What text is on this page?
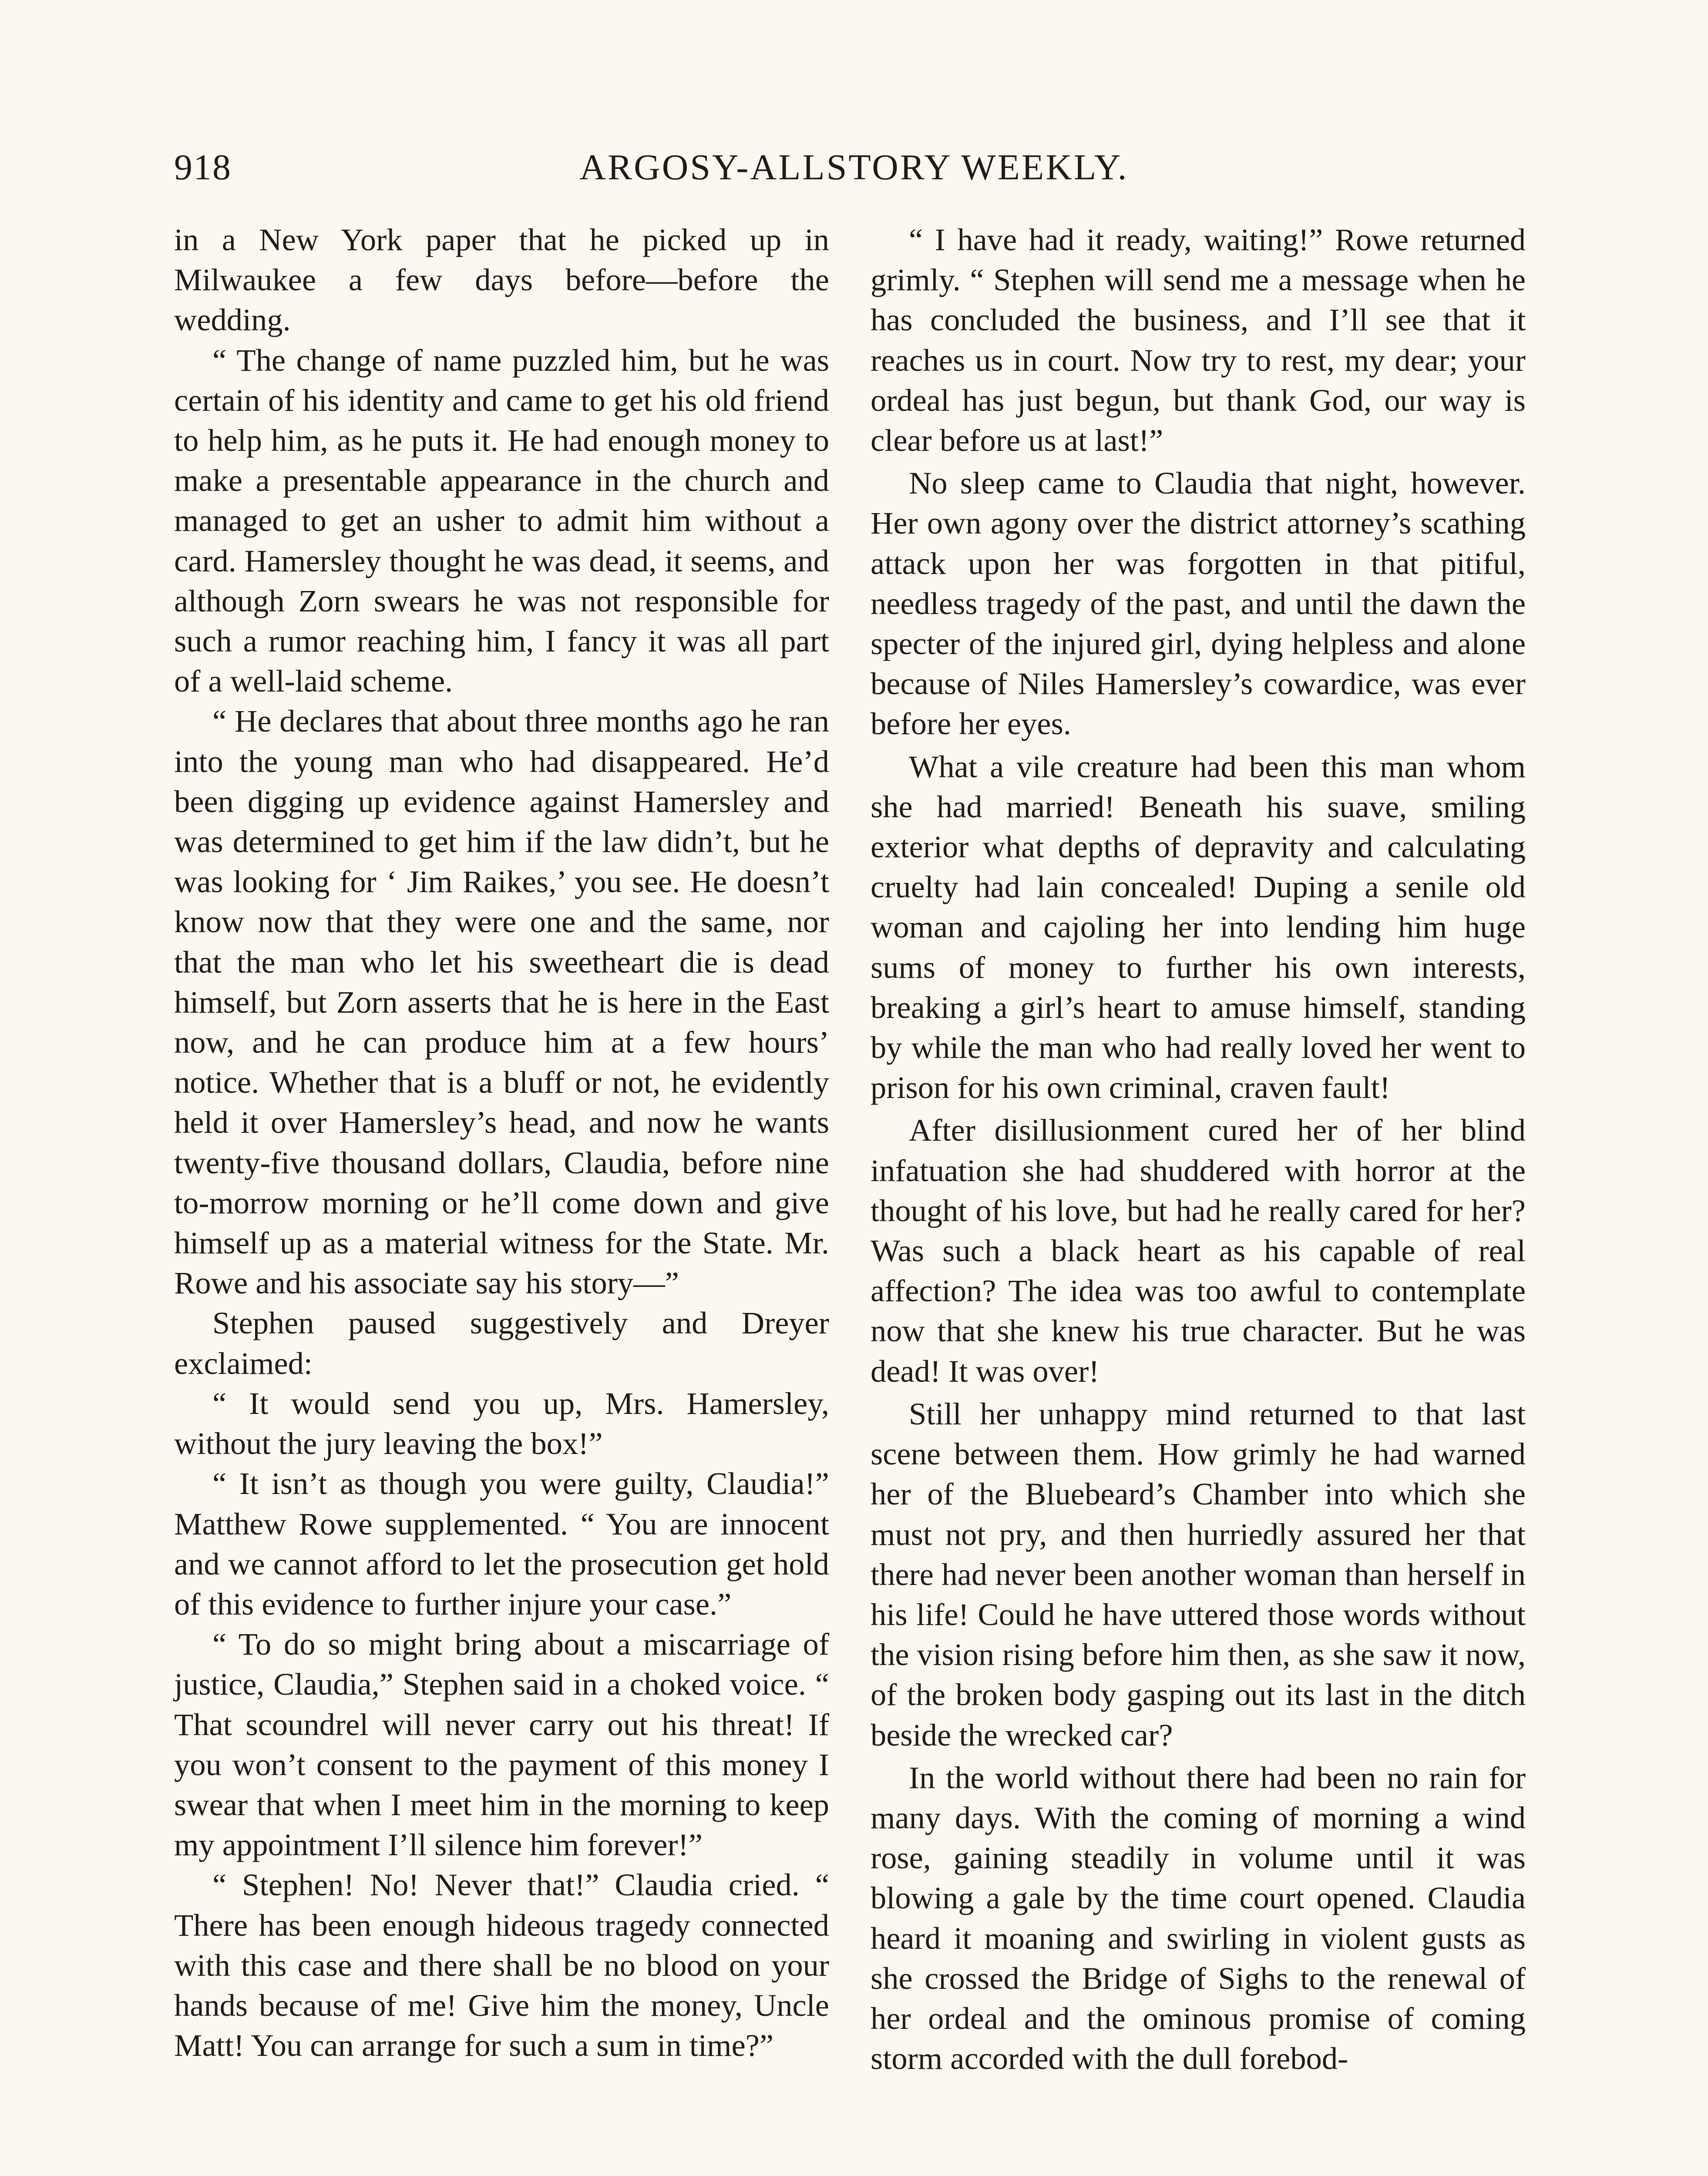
918	ARGOSY-ALLSTORY WEEKLY.

in a New York paper that he picked up in Milwaukee a few days before—before the wedding.

“ The change of name puzzled him, but he was certain of his identity and came to get his old friend to help him, as he puts it. He had enough money to make a presentable appearance in the church and managed to get an usher to admit him without a card. Hamersley thought he was dead, it seems, and although Zorn swears he was not responsible for such a rumor reaching him, I fancy it was all part of a well-laid scheme.

“ He declares that about three months ago he ran into the young man who had disappeared. He’d been digging up evidence against Hamersley and was determined to get him if the law didn’t, but he was looking for ‘ Jim Raikes,’ you see. He doesn’t know now that they were one and the same, nor that the man who let his sweetheart die is dead himself, but Zorn asserts that he is here in the East now, and he can produce him at a few hours’ notice. Whether that is a bluff or not, he evidently held it over Hamersley’s head, and now he wants twenty-five thousand dollars, Claudia, before nine to-morrow morning or he’ll come down and give himself up as a material witness for the State. Mr. Rowe and his associate say his story—”

Stephen paused suggestively and Dreyer exclaimed:

“ It would send you up, Mrs. Hamersley, without the jury leaving the box!”

“ It isn’t as though you were guilty, Claudia!” Matthew Rowe supplemented. “ You are innocent and we cannot afford to let the prosecution get hold of this evidence to further injure your case.”

“ To do so might bring about a miscarriage of justice, Claudia,” Stephen said in a choked voice. “ That scoundrel will never carry out his threat! If you won’t consent to the payment of this money I swear that when I meet him in the morning to keep my appointment I’ll silence him forever!”

“ Stephen! No! Never that!” Claudia cried. “ There has been enough hideous tragedy connected with this case and there shall be no blood on your hands because of me! Give him the money, Uncle Matt! You can arrange for such a sum in time?”

“ I have had it ready, waiting!” Rowe returned grimly. “ Stephen will send me a message when he has concluded the business, and I’ll see that it reaches us in court. Now try to rest, my dear; your ordeal has just begun, but thank God, our way is clear before us at last!”

No sleep came to Claudia that night, however. Her own agony over the district attorney’s scathing attack upon her was forgotten in that pitiful, needless tragedy of the past, and until the dawn the specter of the injured girl, dying helpless and alone because of Niles Hamersley’s cowardice, was ever before her eyes.

What a vile creature had been this man whom she had married! Beneath his suave, smiling exterior what depths of depravity and calculating cruelty had lain concealed! Duping a senile old woman and cajoling her into lending him huge sums of money to further his own interests, breaking a girl’s heart to amuse himself, standing by while the man who had really loved her went to prison for his own criminal, craven fault!

After disillusionment cured her of her blind infatuation she had shuddered with horror at the thought of his love, but had he really cared for her? Was such a black heart as his capable of real affection? The idea was too awful to contemplate now that she knew his true character. But he was dead! It was over!

Still her unhappy mind returned to that last scene between them. How grimly he had warned her of the Bluebeard’s Chamber into which she must not pry, and then hurriedly assured her that there had never been another woman than herself in his life! Could he have uttered those words without the vision rising before him then, as she saw it now, of the broken body gasping out its last in the ditch beside the wrecked car?

In the world without there had been no rain for many days. With the coming of morning a wind rose, gaining steadily in volume until it was blowing a gale by the time court opened. Claudia heard it moaning and swirling in violent gusts as she crossed the Bridge of Sighs to the renewal of her ordeal and the ominous promise of coming storm accorded with the dull forebod-
